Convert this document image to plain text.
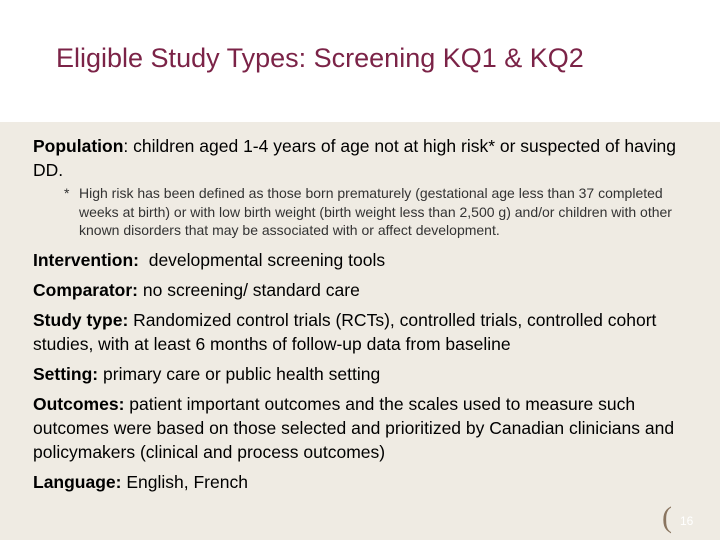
Eligible Study Types: Screening KQ1 & KQ2

Population: children aged 1-4 years of age not at high risk* or suspected of having DD.

* High risk has been defined as those born prematurely (gestational age less than 37 completed weeks at birth) or with low birth weight (birth weight less than 2,500 g) and/or children with other known disorders that may be associated with or affect development.

Intervention:  developmental screening tools

Comparator: no screening/ standard care

Study type: Randomized control trials (RCTs), controlled trials, controlled cohort studies, with at least 6 months of follow-up data from baseline

Setting: primary care or public health setting

Outcomes: patient important outcomes and the scales used to measure such outcomes were based on those selected and prioritized by Canadian clinicians and policymakers (clinical and process outcomes)

Language: English, French

( 16
